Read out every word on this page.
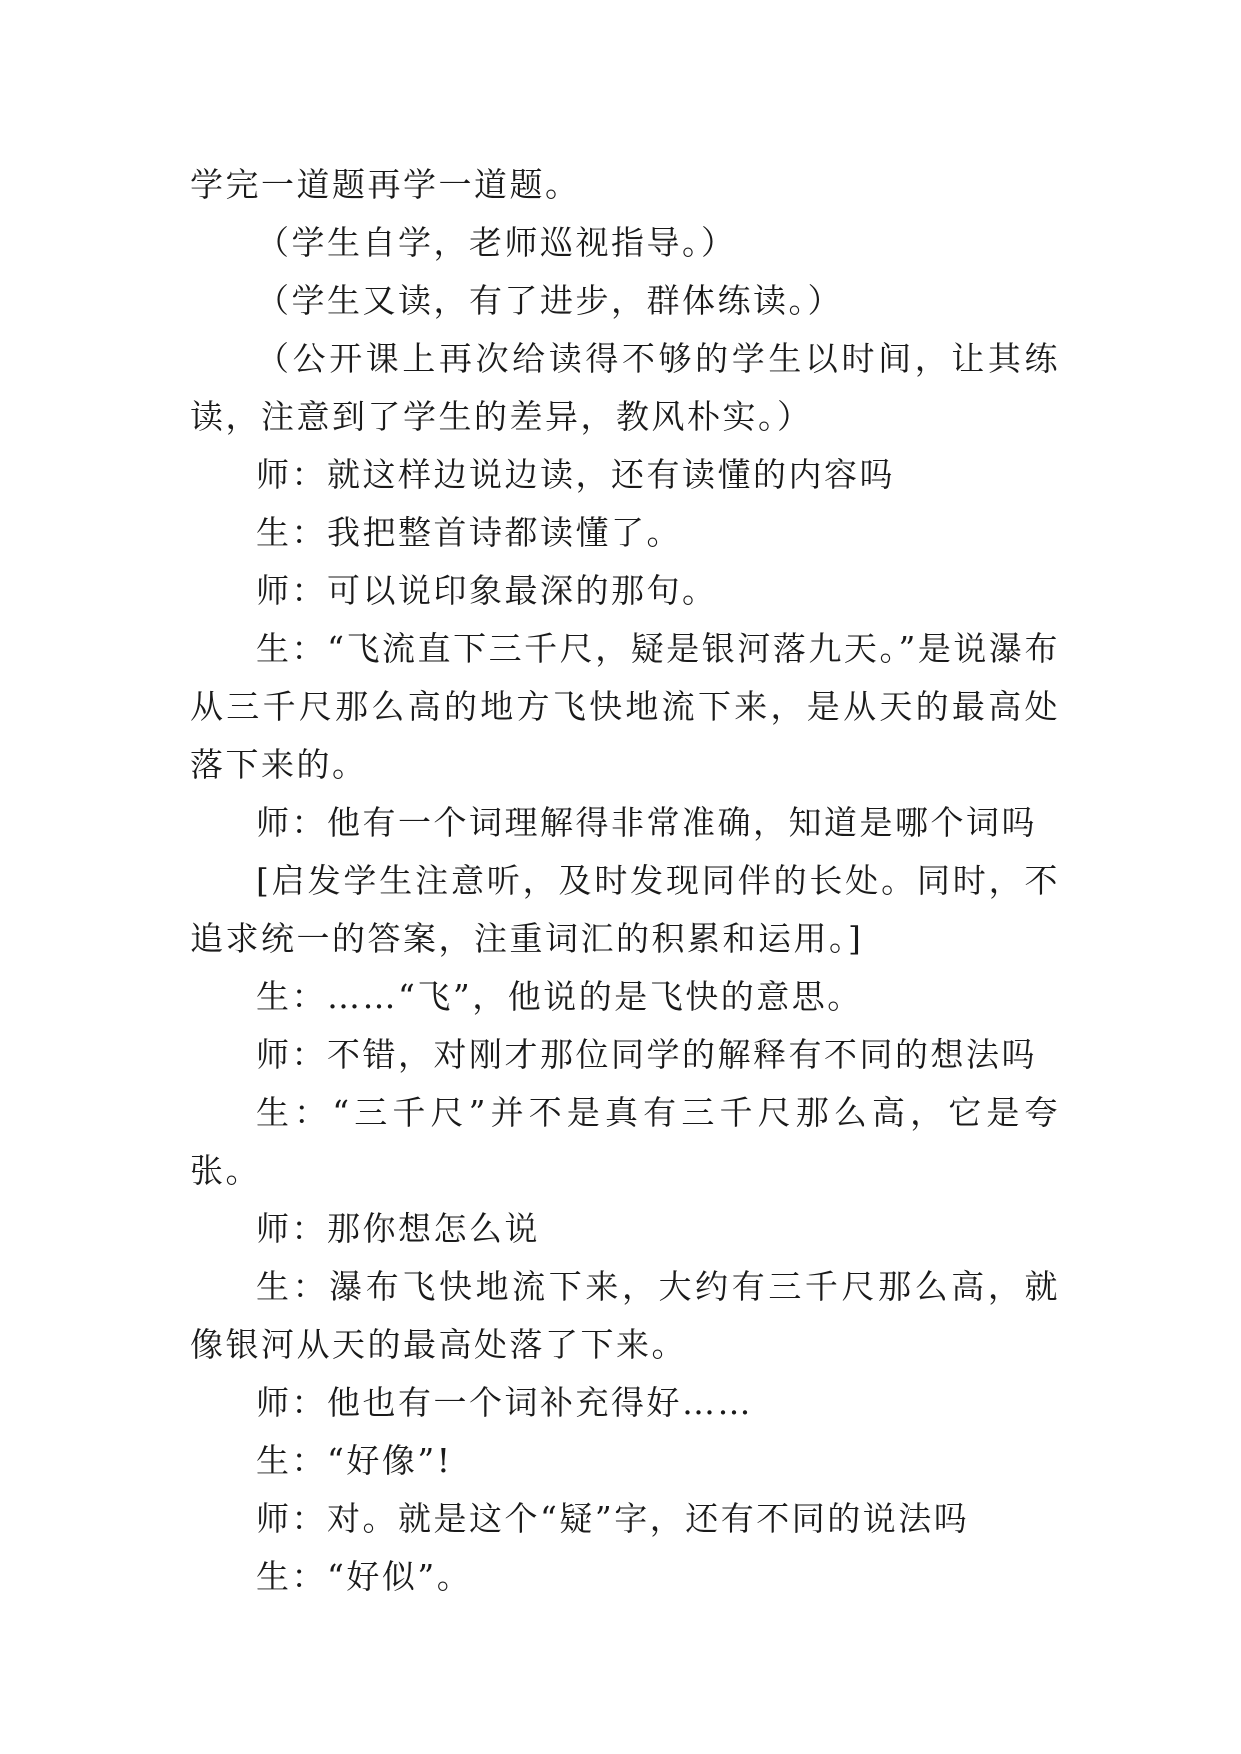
学完一道题再学一道题。

（学生自学，老师巡视指导。）

（学生又读，有了进步，群体练读。）

（公开课上再次给读得不够的学生以时间，让其练读，注意到了学生的差异，教风朴实。）

师：就这样边说边读，还有读懂的内容吗

生：我把整首诗都读懂了。

师：可以说印象最深的那句。

生：“飞流直下三千尺，疑是银河落九天。”是说瀑布从三千尺那么高的地方飞快地流下来，是从天的最高处落下来的。

师：他有一个词理解得非常准确，知道是哪个词吗

[启发学生注意听，及时发现同伴的长处。同时，不追求统一的答案，注重词汇的积累和运用。]

生：……“飞”，他说的是飞快的意思。

师：不错，对刚才那位同学的解释有不同的想法吗

生：“三千尺”并不是真有三千尺那么高，它是夸张。

师：那你想怎么说

生：瀑布飞快地流下来，大约有三千尺那么高，就像银河从天的最高处落了下来。

师：他也有一个词补充得好……

生：“好像”!

师：对。就是这个“疑”字，还有不同的说法吗

生：“好似”。
